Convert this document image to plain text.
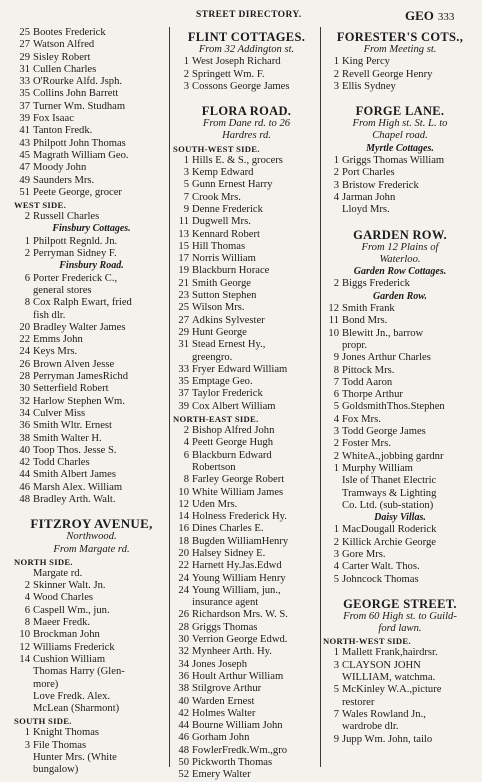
STREET DIRECTORY.	GEO 333
25 Bootes Frederick
27 Watson Alfred
29 Sisley Robert
31 Cullen Charles
33 O'Rourke Alfd. Jsph.
35 Collins John Barrett
37 Turner Wm. Studham
39 Fox Isaac
41 Tanton Fredk.
43 Philpott John Thomas
45 Magrath William Geo.
47 Moody John
49 Saunders Mrs.
51 Peete George, grocer
WEST SIDE.
2 Russell Charles
Finsbury Cottages.
1 Philpott Regnld. Jn.
2 Perryman Sidney F.
Finsbury Road.
6 Porter Frederick C.,
general stores
8 Cox Ralph Ewart, fried
fish dlr.
20 Bradley Walter James
22 Emms John
24 Keys Mrs.
26 Brown Alven Jesse
28 Perryman JamesRichd
30 Setterfield Robert
32 Harlow Stephen Wm.
34 Culver Miss
36 Smith Wltr. Ernest
38 Smith Walter H.
40 Toop Thos. Jesse S.
42 Todd Charles
44 Smith Albert James
46 Marsh Alex. William
48 Bradley Arth. Walt.
FITZROY AVENUE,
Northwood.
From Margate rd.
NORTH SIDE.
Margate rd.
2 Skinner Walt. Jn.
4 Wood Charles
6 Caspell Wm., jun.
8 Maeer Fredk.
10 Brockman John
12 Williams Frederick
14 Cushion William
Thomas Harry (Glen-
more)
Love Fredk. Alex.
McLean (Sharmont)
SOUTH SIDE.
1 Knight Thomas
3 File Thomas
Hunter Mrs. (White
bungalow)
FLINT COTTAGES.
From 32 Addington st.
1 West Joseph Richard
2 Springett Wm. F.
3 Cossons George James
FLORA ROAD.
From Dane rd. to 26
Hardres rd.
SOUTH-WEST SIDE.
1 Hills E. & S., grocers
3 Kemp Edward
5 Gunn Ernest Harry
7 Crook Mrs.
9 Denne Frederick
11 Dugwell Mrs.
13 Kennard Robert
15 Hill Thomas
17 Norris William
19 Blackburn Horace
21 Smith George
23 Sutton Stephen
25 Wilson Mrs.
27 Adkins Sylvester
29 Hunt George
31 Stead Ernest Hy.,
greengro.
33 Fryer Edward William
35 Emptage Geo.
37 Taylor Frederick
39 Cox Albert William
NORTH-EAST SIDE.
2 Bishop Alfred John
4 Peett George Hugh
6 Blackburn Edward
Robertson
8 Farley George Robert
10 White William James
12 Uden Mrs.
14 Holness Frederick Hy.
16 Dines Charles E.
18 Bugden WilliamHenry
20 Halsey Sidney E.
22 Harnett Hy.Jas.Edwd
24 Young William Henry
24 Young William, jun.,
insurance agent
26 Richardson Mrs. W. S.
28 Griggs Thomas
30 Verrion George Edwd.
32 Mynheer Arth. Hy.
34 Jones Joseph
36 Hoult Arthur William
38 Stilgrove Arthur
40 Warden Ernest
42 Holmes Walter
44 Bourne William John
46 Gorham John
48 FowlerFredk.Wm.,gro
50 Pickworth Thomas
52 Emery Walter
FORESTER'S COTS.,
From Meeting st.
1 King Percy
2 Revell George Henry
3 Ellis Sydney
FORGE LANE.
From High st. St. L. to
Chapel road.
Myrtle Cottages.
1 Griggs Thomas William
2 Port Charles
3 Bristow Frederick
4 Jarman John
Lloyd Mrs.
GARDEN ROW.
From 12 Plains of
Waterloo.
Garden Row Cottages.
2 Biggs Frederick
Garden Row.
12 Smith Frank
11 Bond Mrs.
10 Blewitt Jn., barrow
propr.
9 Jones Arthur Charles
8 Pittock Mrs.
7 Todd Aaron
6 Thorpe Arthur
5 GoldsmithThos.Stephen
4 Fox Mrs.
3 Todd George James
2 Foster Mrs.
2 WhiteA.,jobbing gardnr
1 Murphy William
Isle of Thanet Electric
Tramways & Lighting
Co. Ltd. (sub-station)
Daisy Villas.
1 MacDougall Roderick
2 Killick Archie George
3 Gore Mrs.
4 Carter Walt. Thos.
5 Johncock Thomas
GEORGE STREET.
From 60 High st. to Guild-
ford lawn.
NORTH-WEST SIDE.
1 Mallett Frank,hairdrsr.
3 CLAYSON JOHN
WILLIAM, watchma.
5 McKinley W.A.,picture
restorer
7 Wales Rowland Jn.,
wardrobe dlr.
9 Jupp Wm. John, tailo
